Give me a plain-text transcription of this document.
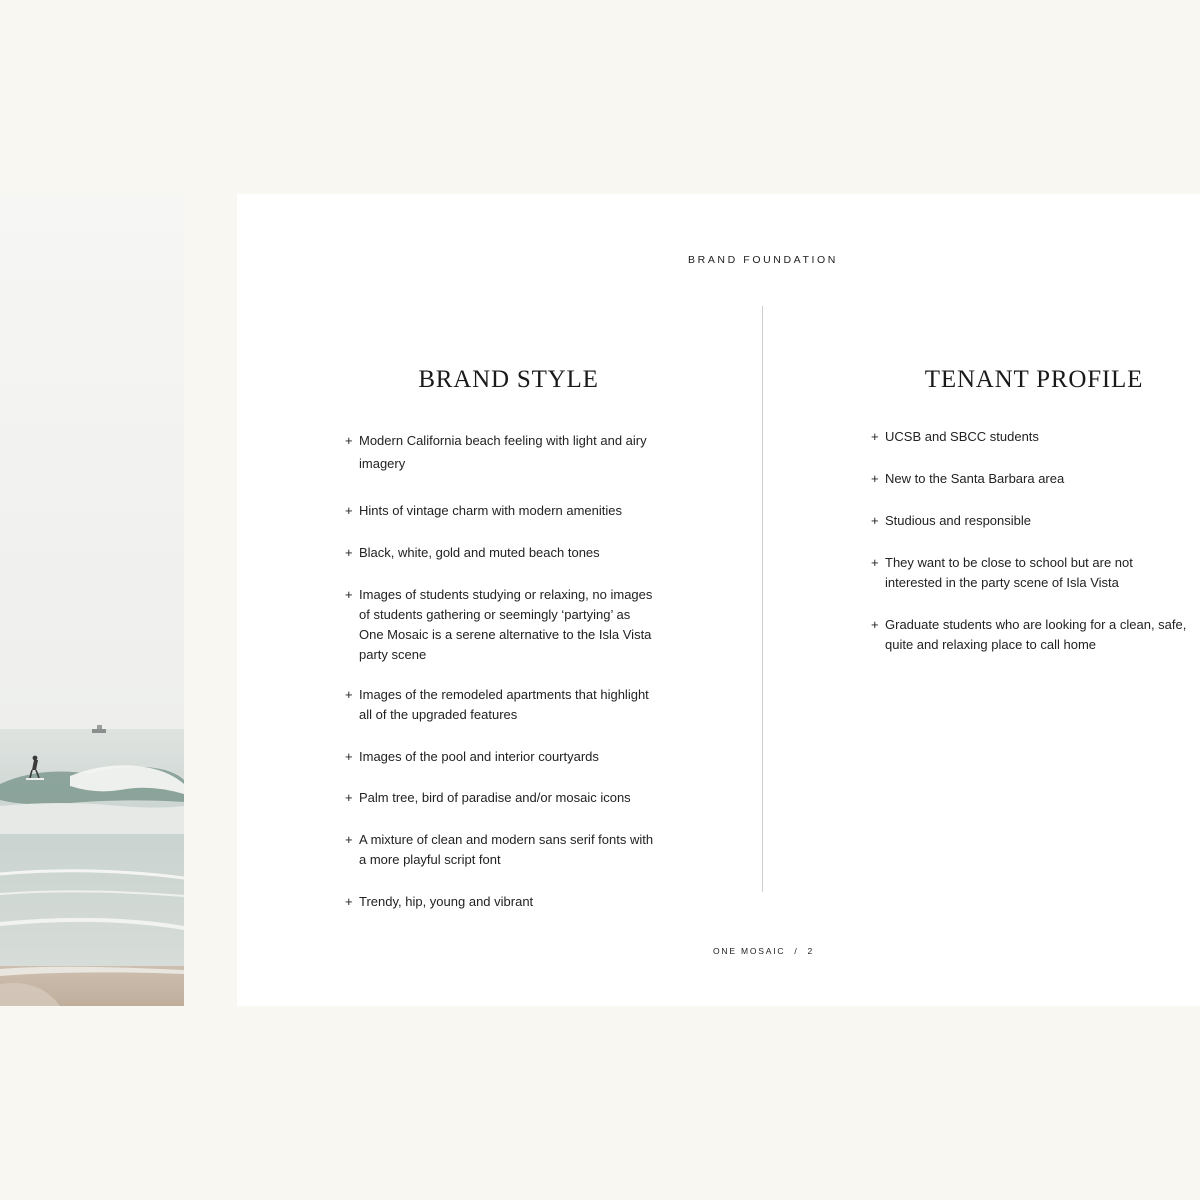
BRAND FOUNDATION
BRAND STYLE	TENANT PROFILE
+ Modern California beach feeling with light and airy imagery
+ Hints of vintage charm with modern amenities
+ Black, white, gold and muted beach tones
+ Images of students studying or relaxing, no images of students gathering or seemingly ‘partying’ as One Mosaic is a serene alternative to the Isla Vista party scene
+ Images of the remodeled apartments that highlight all of the upgraded features
+ Images of the pool and interior courtyards
+ Palm tree, bird of paradise and/or mosaic icons
+ A mixture of clean and modern sans serif fonts with a more playful script font
+ Trendy, hip, young and vibrant
+ UCSB and SBCC students
+ New to the Santa Barbara area
+ Studious and responsible
+ They want to be close to school but are not interested in the party scene of Isla Vista
+ Graduate students who are looking for a clean, safe, quite and relaxing place to call home
ONE MOSAIC / 2
